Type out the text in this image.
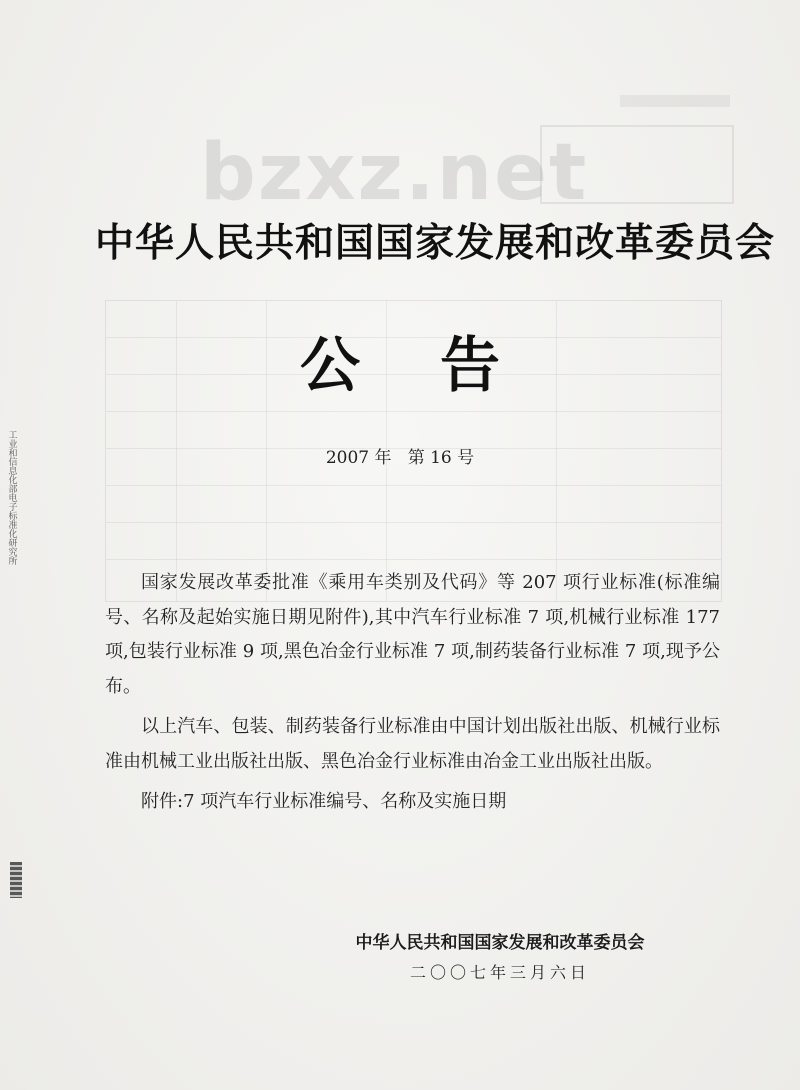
bzxz.net
工业和信息化部电子标准化研究所
中华人民共和国国家发展和改革委员会
公告
2007 年   第 16 号

国家发展改革委批准《乘用车类别及代码》等 207 项行业标准(标准编号、名称及起始实施日期见附件),其中汽车行业标准 7 项,机械行业标准 177 项,包装行业标准 9 项,黑色冶金行业标准 7 项,制药装备行业标准 7 项,现予公布。

以上汽车、包装、制药装备行业标准由中国计划出版社出版、机械行业标准由机械工业出版社出版、黑色冶金行业标准由冶金工业出版社出版。

附件:7 项汽车行业标准编号、名称及实施日期

中华人民共和国国家发展和改革委员会
二〇〇七年三月六日
